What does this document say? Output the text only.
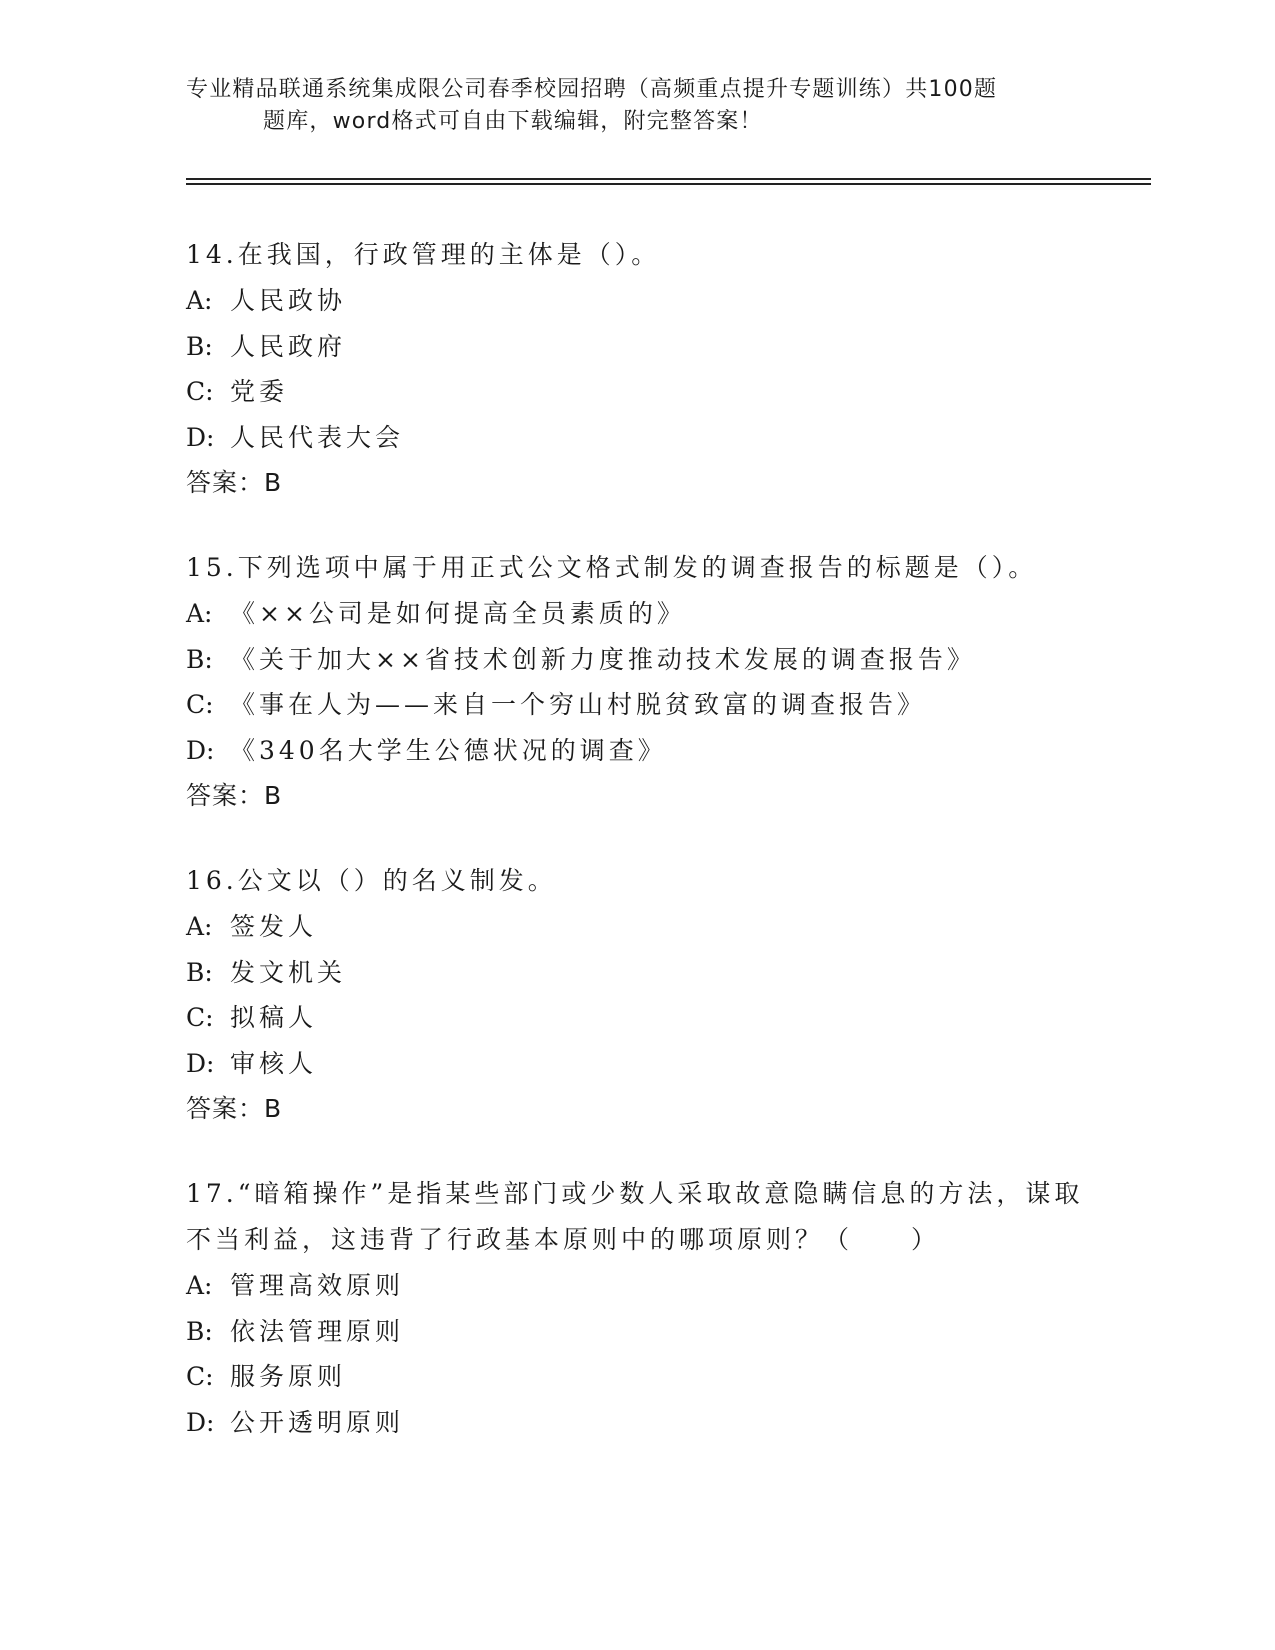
专业精品联通系统集成限公司春季校园招聘（高频重点提升专题训练）共100题
题库，word格式可自由下载编辑，附完整答案！

14.在我国，行政管理的主体是（）。

A: 人民政协

B: 人民政府

C: 党委

D: 人民代表大会

答案：B

15.下列选项中属于用正式公文格式制发的调查报告的标题是（）。

A: 《××公司是如何提高全员素质的》

B: 《关于加大××省技术创新力度推动技术发展的调查报告》

C: 《事在人为——来自一个穷山村脱贫致富的调查报告》

D: 《340名大学生公德状况的调查》

答案：B

16.公文以（）的名义制发。

A: 签发人

B: 发文机关

C: 拟稿人

D: 审核人

答案：B

17.“暗箱操作”是指某些部门或少数人采取故意隐瞒信息的方法，谋取不当利益，这违背了行政基本原则中的哪项原则？（　　）

A: 管理高效原则

B: 依法管理原则

C: 服务原则

D: 公开透明原则
